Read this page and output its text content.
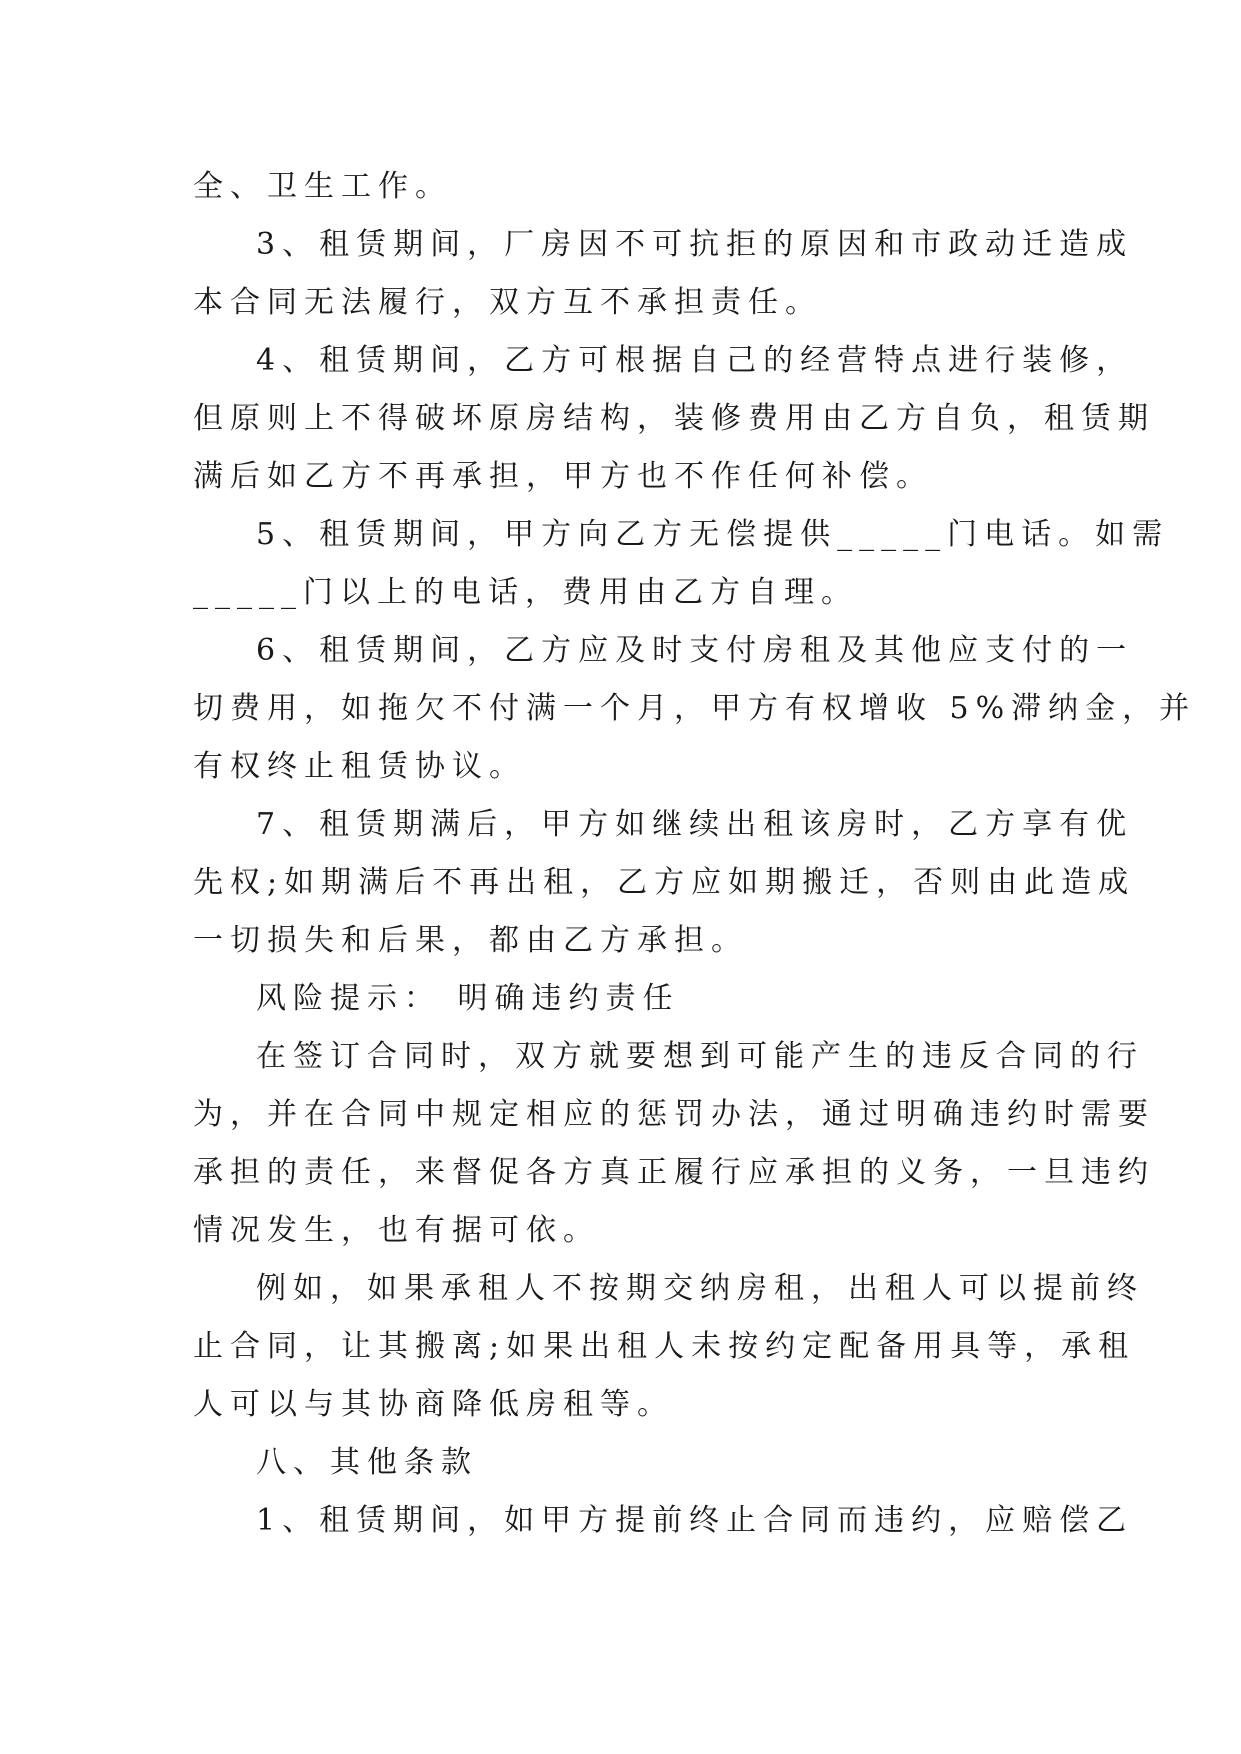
全、卫生工作。

3、租赁期间，厂房因不可抗拒的原因和市政动迁造成

本合同无法履行，双方互不承担责任。

4、租赁期间，乙方可根据自己的经营特点进行装修，

但原则上不得破坏原房结构，装修费用由乙方自负，租赁期

满后如乙方不再承担，甲方也不作任何补偿。

5、租赁期间，甲方向乙方无偿提供_____门电话。如需

_____门以上的电话，费用由乙方自理。

6、租赁期间，乙方应及时支付房租及其他应支付的一

切费用，如拖欠不付满一个月，甲方有权增收 5%滞纳金，并

有权终止租赁协议。

7、租赁期满后，甲方如继续出租该房时，乙方享有优

先权;如期满后不再出租，乙方应如期搬迁，否则由此造成

一切损失和后果，都由乙方承担。

风险提示： 明确违约责任

在签订合同时，双方就要想到可能产生的违反合同的行

为，并在合同中规定相应的惩罚办法，通过明确违约时需要

承担的责任，来督促各方真正履行应承担的义务，一旦违约

情况发生，也有据可依。

例如，如果承租人不按期交纳房租，出租人可以提前终

止合同，让其搬离;如果出租人未按约定配备用具等，承租

人可以与其协商降低房租等。

八、其他条款

1、租赁期间，如甲方提前终止合同而违约，应赔偿乙
